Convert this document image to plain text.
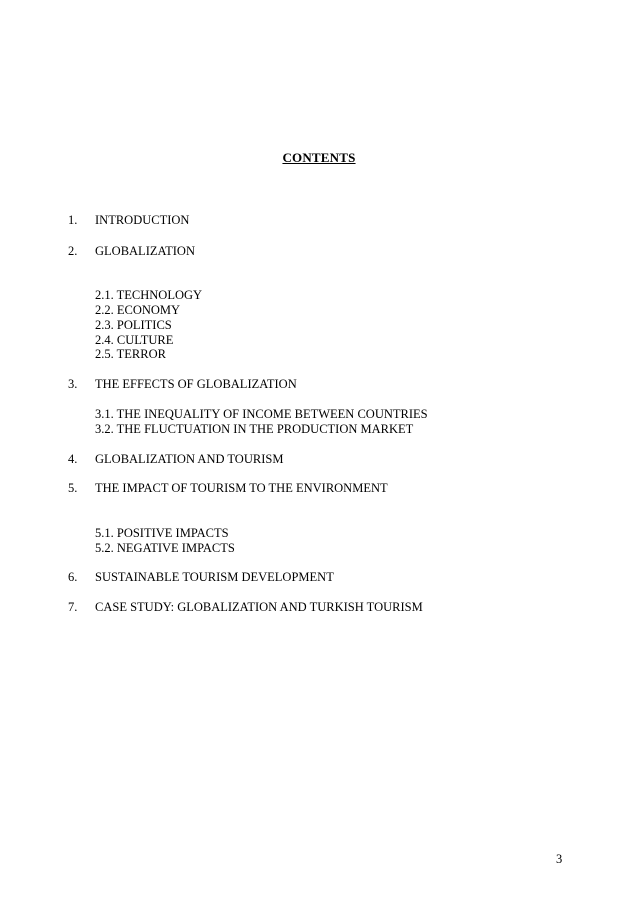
CONTENTS
1. INTRODUCTION
2. GLOBALIZATION
2.1. TECHNOLOGY
2.2. ECONOMY
2.3. POLITICS
2.4. CULTURE
2.5. TERROR
3. THE EFFECTS OF GLOBALIZATION
3.1. THE INEQUALITY OF INCOME BETWEEN COUNTRIES
3.2. THE FLUCTUATION IN THE PRODUCTION MARKET
4. GLOBALIZATION AND TOURISM
5. THE IMPACT OF TOURISM TO THE ENVIRONMENT
5.1. POSITIVE IMPACTS
5.2. NEGATIVE IMPACTS
6. SUSTAINABLE TOURISM DEVELOPMENT
7. CASE STUDY: GLOBALIZATION AND TURKISH TOURISM
3
